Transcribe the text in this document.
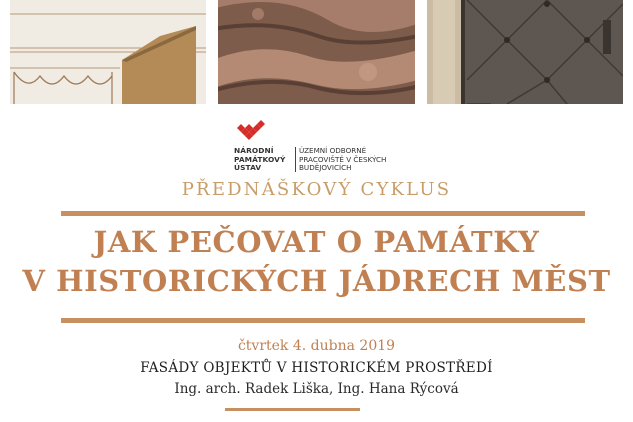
NÁRODNÍ
PAMÁTKOVÝ
ÚSTAV
ÚZEMNÍ ODBORNÉ
PRACOVIŠTĚ V ČESKÝCH
BUDĚJOVICÍCH
PŘEDNÁŠKOVÝ CYKLUS
JAK PEČOVAT O PAMÁTKY
V HISTORICKÝCH JÁDRECH MĚST
čtvrtek 4. dubna 2019
FASÁDY OBJEKTŮ V HISTORICKÉM PROSTŘEDÍ
Ing. arch. Radek Liška, Ing. Hana Rýcová
